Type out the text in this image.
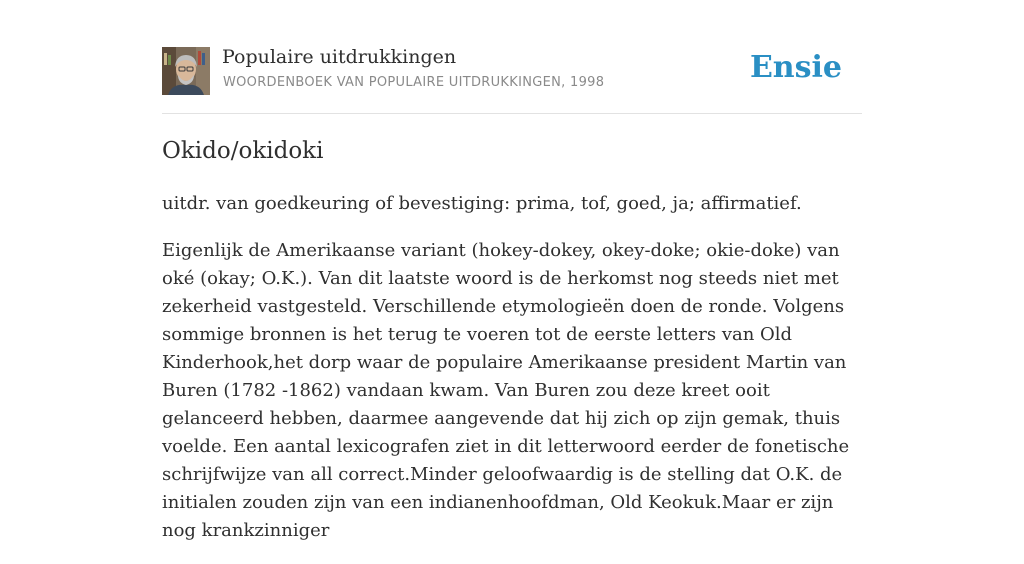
Populaire uitdrukkingen
WOORDENBOEK VAN POPULAIRE UITDRUKKINGEN, 1998	Ensie
Okido/okidoki

uitdr. van goedkeuring of bevestiging: prima, tof, goed, ja; affirmatief.

Eigenlijk de Amerikaanse variant (hokey-dokey, okey-doke; okie-doke) van oké (okay; O.K.). Van dit laatste woord is de herkomst nog steeds niet met zekerheid vastgesteld. Verschillende etymologieën doen de ronde. Volgens sommige bronnen is het terug te voeren tot de eerste letters van Old Kinderhook,het dorp waar de populaire Amerikaanse president Martin van Buren (1782 -1862) vandaan kwam. Van Buren zou deze kreet ooit gelanceerd hebben, daarmee aangevende dat hij zich op zijn gemak, thuis voelde. Een aantal lexicografen ziet in dit letterwoord eerder de fonetische schrijfwijze van all correct.Minder geloofwaardig is de stelling dat O.K. de initialen zouden zijn van een indianenhoofdman, Old Keokuk.Maar er zijn nog krankzinniger
